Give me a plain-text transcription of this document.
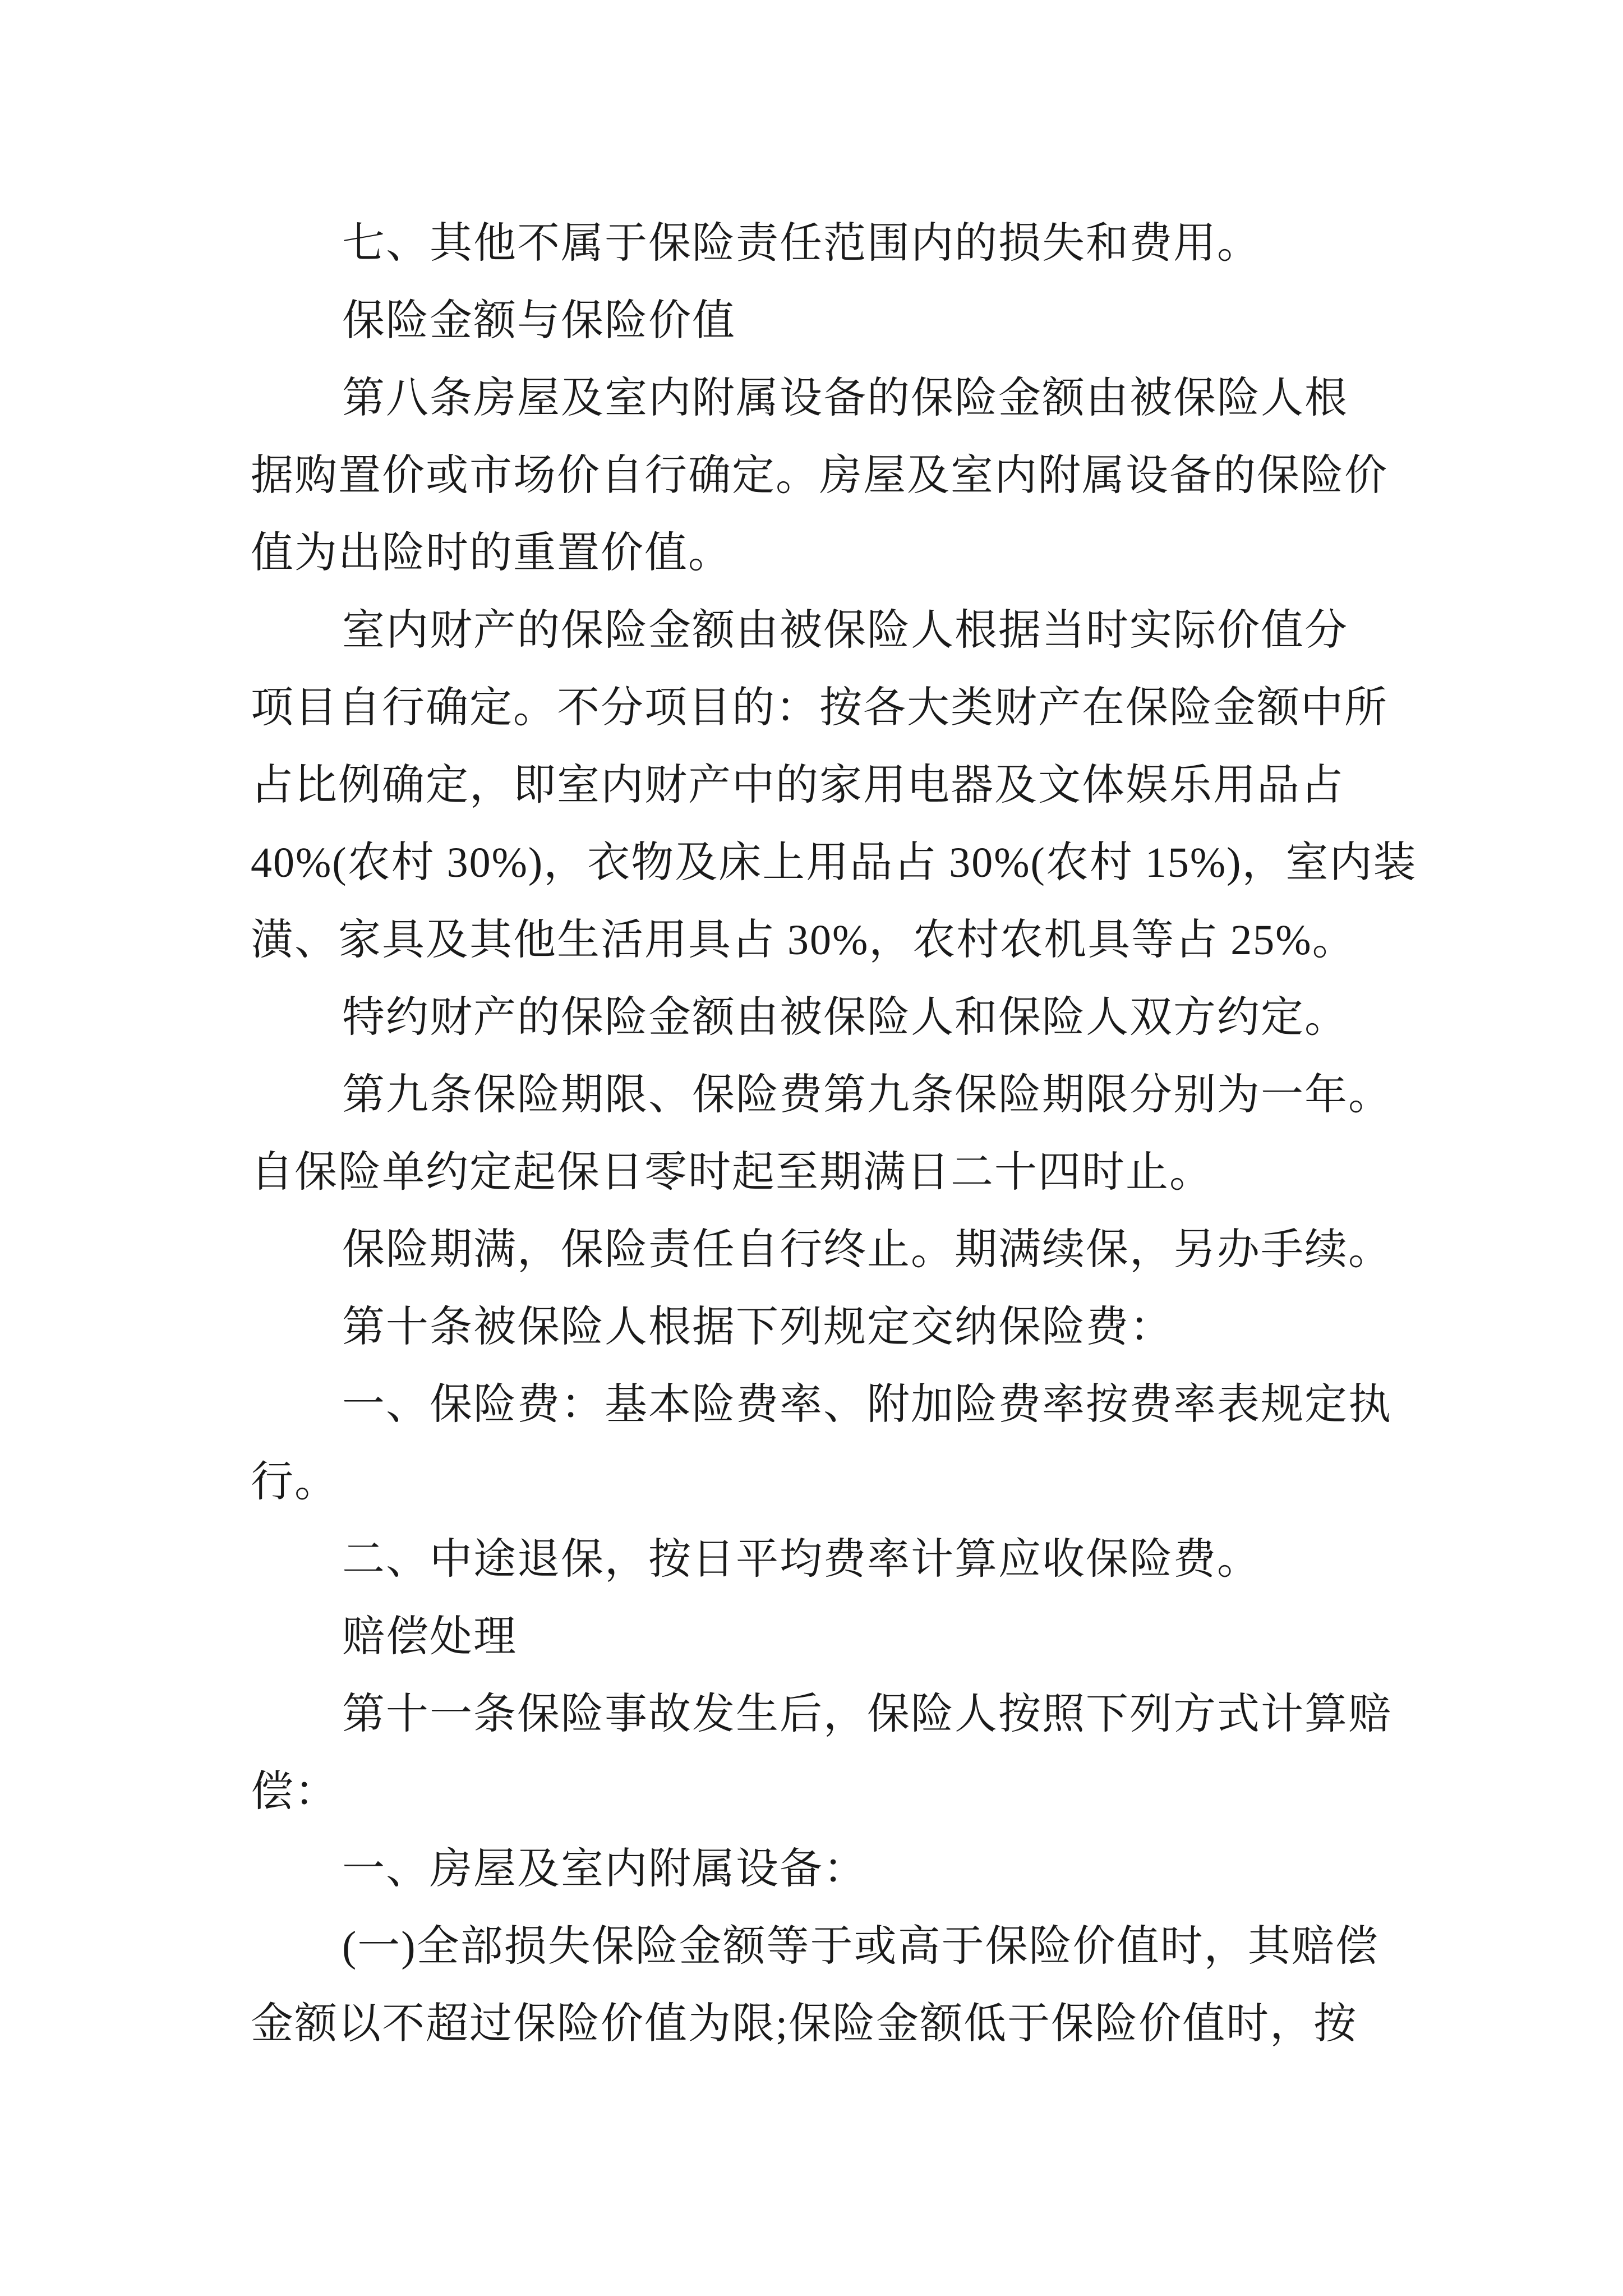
七、其他不属于保险责任范围内的损失和费用。
保险金额与保险价值
第八条房屋及室内附属设备的保险金额由被保险人根
据购置价或市场价自行确定。房屋及室内附属设备的保险价
值为出险时的重置价值。
室内财产的保险金额由被保险人根据当时实际价值分
项目自行确定。不分项目的：按各大类财产在保险金额中所
占比例确定，即室内财产中的家用电器及文体娱乐用品占
40%(农村 30%)，衣物及床上用品占 30%(农村 15%)，室内装
潢、家具及其他生活用具占 30%，农村农机具等占 25%。
特约财产的保险金额由被保险人和保险人双方约定。
第九条保险期限、保险费第九条保险期限分别为一年。
自保险单约定起保日零时起至期满日二十四时止。
保险期满，保险责任自行终止。期满续保，另办手续。
第十条被保险人根据下列规定交纳保险费：
一、保险费：基本险费率、附加险费率按费率表规定执
行。
二、中途退保，按日平均费率计算应收保险费。
赔偿处理
第十一条保险事故发生后，保险人按照下列方式计算赔
偿：
一、房屋及室内附属设备：
(一)全部损失保险金额等于或高于保险价值时，其赔偿
金额以不超过保险价值为限;保险金额低于保险价值时，按
